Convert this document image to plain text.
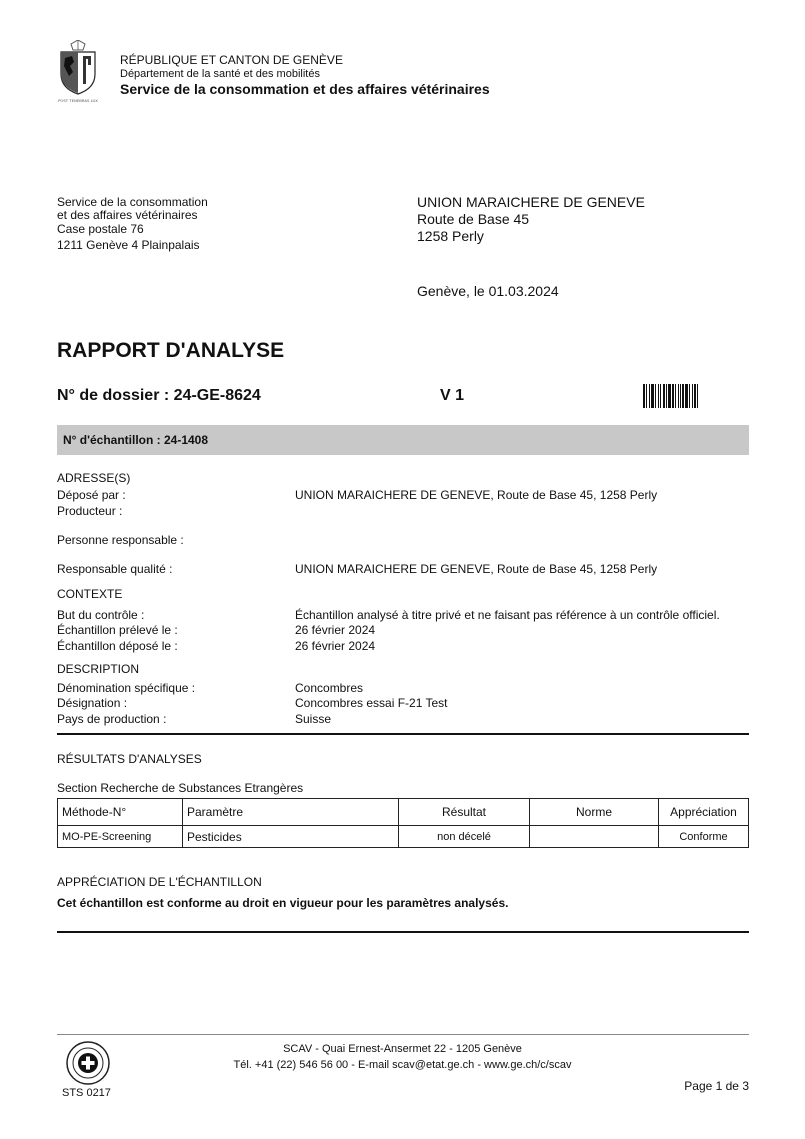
POST TENEBRAS LUX
RÉPUBLIQUE ET CANTON DE GENÈVE
Département de la santé et des mobilités
Service de la consommation et des affaires vétérinaires
Service de la consommation
et des affaires vétérinaires
Case postale 76
1211 Genève 4 Plainpalais
UNION MARAICHERE DE GENEVE
Route de Base 45
1258 Perly
Genève, le 01.03.2024
RAPPORT D'ANALYSE
N° de dossier : 24-GE-8624	V 1
N° d'échantillon : 24-1408
ADRESSE(S)
Déposé par :	UNION MARAICHERE DE GENEVE, Route de Base 45, 1258 Perly
Producteur :
Personne responsable :
Responsable qualité :	UNION MARAICHERE DE GENEVE, Route de Base 45, 1258 Perly
CONTEXTE
But du contrôle :	Échantillon analysé à titre privé et ne faisant pas référence à un contrôle officiel.
Échantillon prélevé le :	26 février 2024
Échantillon déposé le :	26 février 2024
DESCRIPTION
Dénomination spécifique :	Concombres
Désignation :	Concombres essai F-21 Test
Pays de production :	Suisse
RÉSULTATS D'ANALYSES
Section Recherche de Substances Etrangères
Méthode-N°	Paramètre	Résultat	Norme	Appréciation
MO-PE-Screening	Pesticides	non décelé		Conforme
APPRÉCIATION DE L'ÉCHANTILLON
Cet échantillon est conforme au droit en vigueur pour les paramètres analysés.
STS 0217
SCAV - Quai Ernest-Ansermet 22 - 1205 Genève
Tél. +41 (22) 546 56 00 - E-mail scav@etat.ge.ch - www.ge.ch/c/scav
Page 1 de 3
